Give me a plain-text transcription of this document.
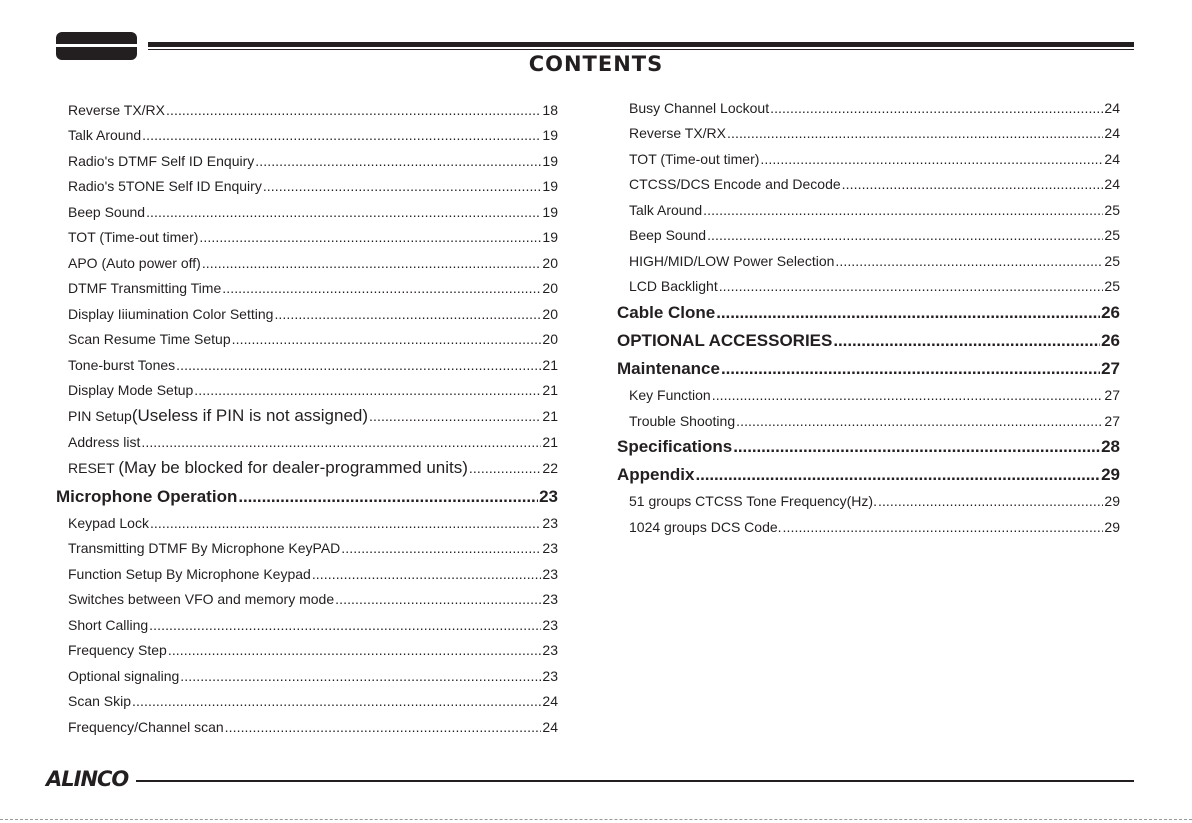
CONTENTS
Reverse TX/RX . . .	18
Talk Around . . .	19
Radio's DTMF Self ID Enquiry . . .	19
Radio's 5TONE Self ID Enquiry . . .	19
Beep Sound . . .	19
TOT (Time-out timer) . . .	19
APO (Auto power off) . . .	20
DTMF Transmitting Time . . .	20
Display Iiiumination Color Setting . . .	20
Scan Resume Time Setup . . .	20
Tone-burst Tones . . .	21
Display Mode Setup . . .	21
PIN Setup(Useless if PIN is not assigned) . . .	21
Address list . . .	21
RESET (May be blocked for dealer-programmed units) . . .	22
Microphone Operation . . .	23
Keypad Lock . . .	23
Transmitting DTMF By Microphone KeyPAD . . .	23
Function Setup By Microphone Keypad . . .	23
Switches between VFO and memory mode . . .	23
Short Calling . . .	23
Frequency Step . . .	23
Optional signaling . . .	23
Scan Skip . . .	24
Frequency/Channel scan . . .	24
Busy Channel Lockout . . .	24
Reverse TX/RX . . .	24
TOT (Time-out timer) . . .	24
CTCSS/DCS Encode and Decode . . .	24
Talk Around . . .	25
Beep Sound . . .	25
HIGH/MID/LOW Power Selection . . .	25
LCD Backlight . . .	25
Cable Clone . . .	26
OPTIONAL ACCESSORIES . . .	26
Maintenance . . .	27
Key Function . . .	27
Trouble Shooting . . .	27
Specifications . . .	28
Appendix . . .	29
51 groups CTCSS Tone Frequency(Hz). . . .	29
1024 groups DCS Code. . . .	29
ALINCO
